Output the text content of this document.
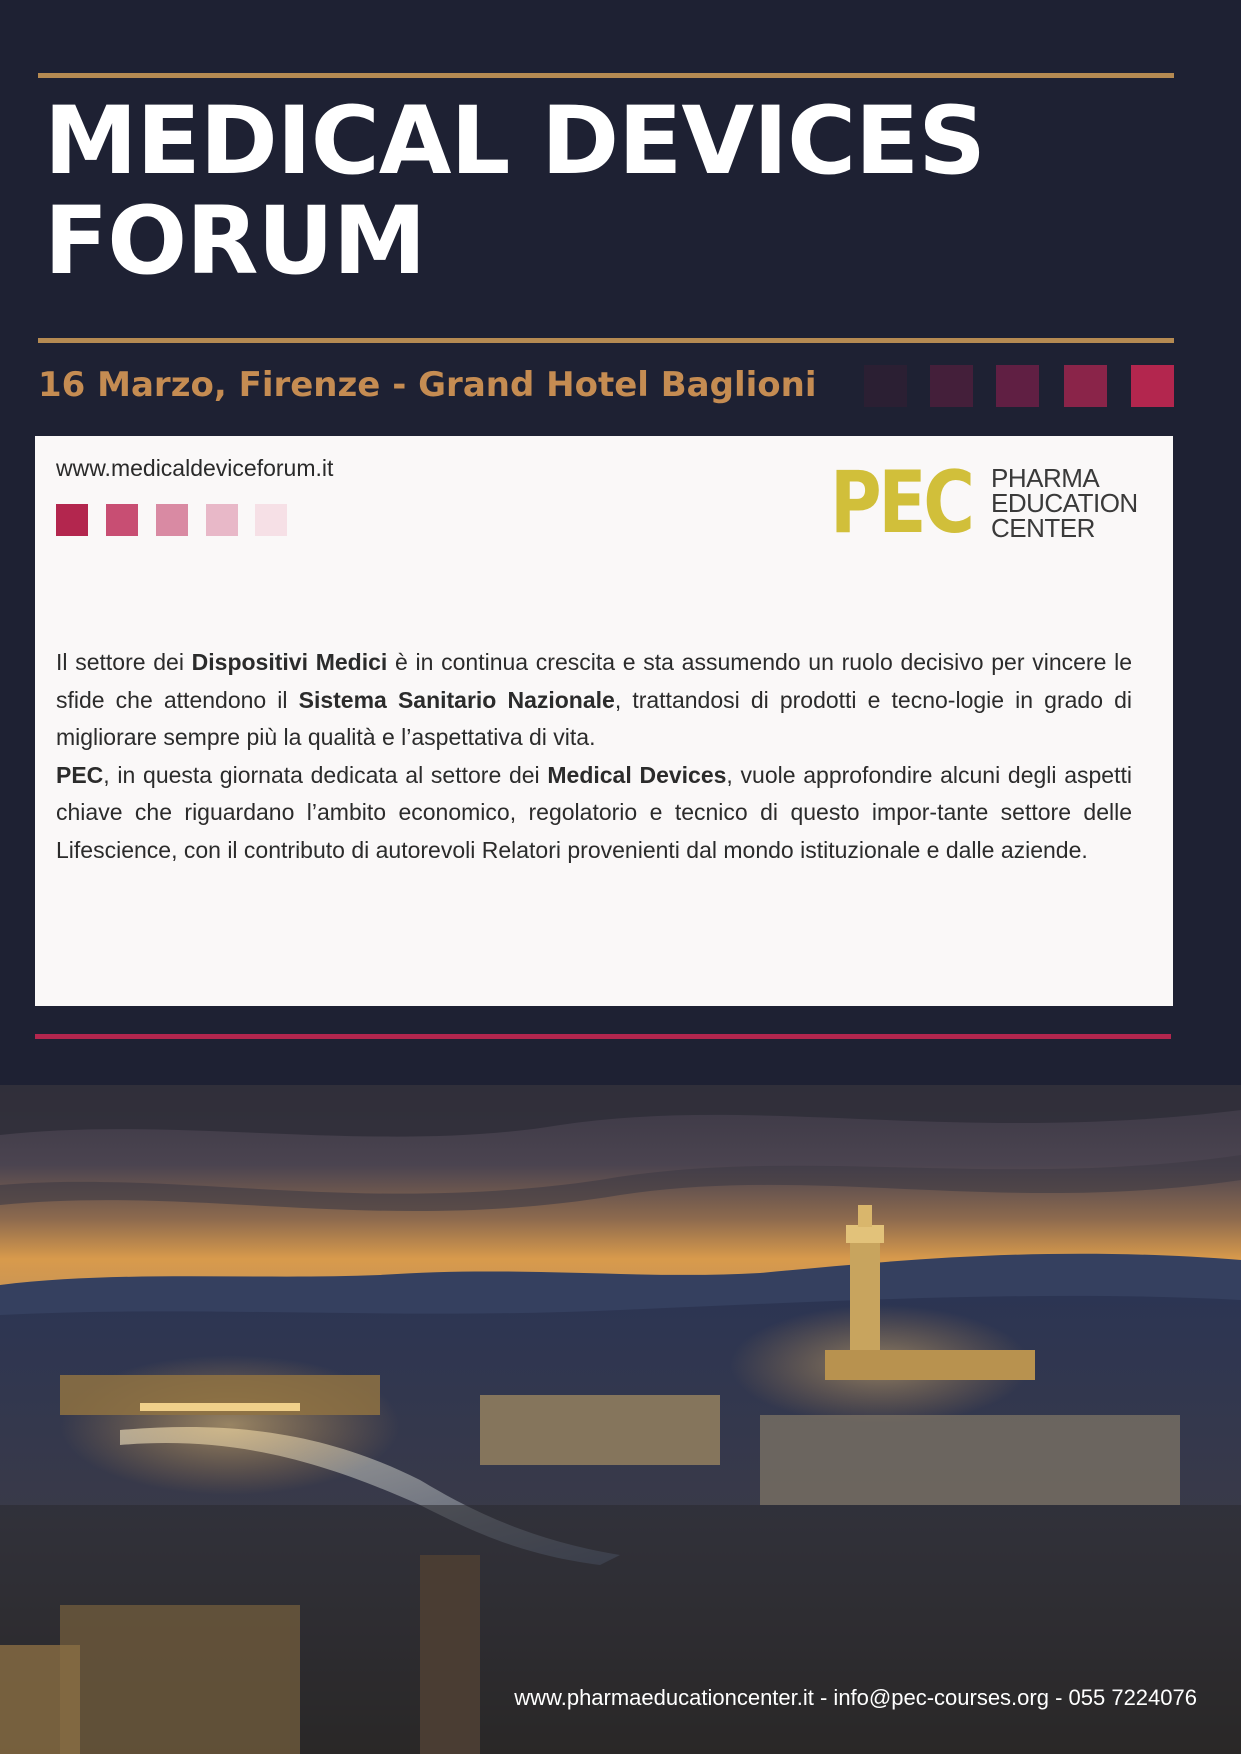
MEDICAL DEVICES
FORUM
16 Marzo, Firenze - Grand Hotel Baglioni
www.medicaldeviceforum.it	PEC PHARMA
EDUCATION
CENTER

Il settore dei Dispositivi Medici è in continua crescita e sta assumendo un ruolo decisivo per vincere le sfide che attendono il Sistema Sanitario Nazionale, trattandosi di prodotti e tecno-logie in grado di migliorare sempre più la qualità e l’aspettativa di vita.

PEC, in questa giornata dedicata al settore dei Medical Devices, vuole approfondire alcuni degli aspetti chiave che riguardano l’ambito economico, regolatorio e tecnico di questo impor-tante settore delle Lifescience, con il contributo di autorevoli Relatori provenienti dal mondo istituzionale e dalle aziende.

www.pharmaeducationcenter.it - info@pec-courses.org - 055 7224076
